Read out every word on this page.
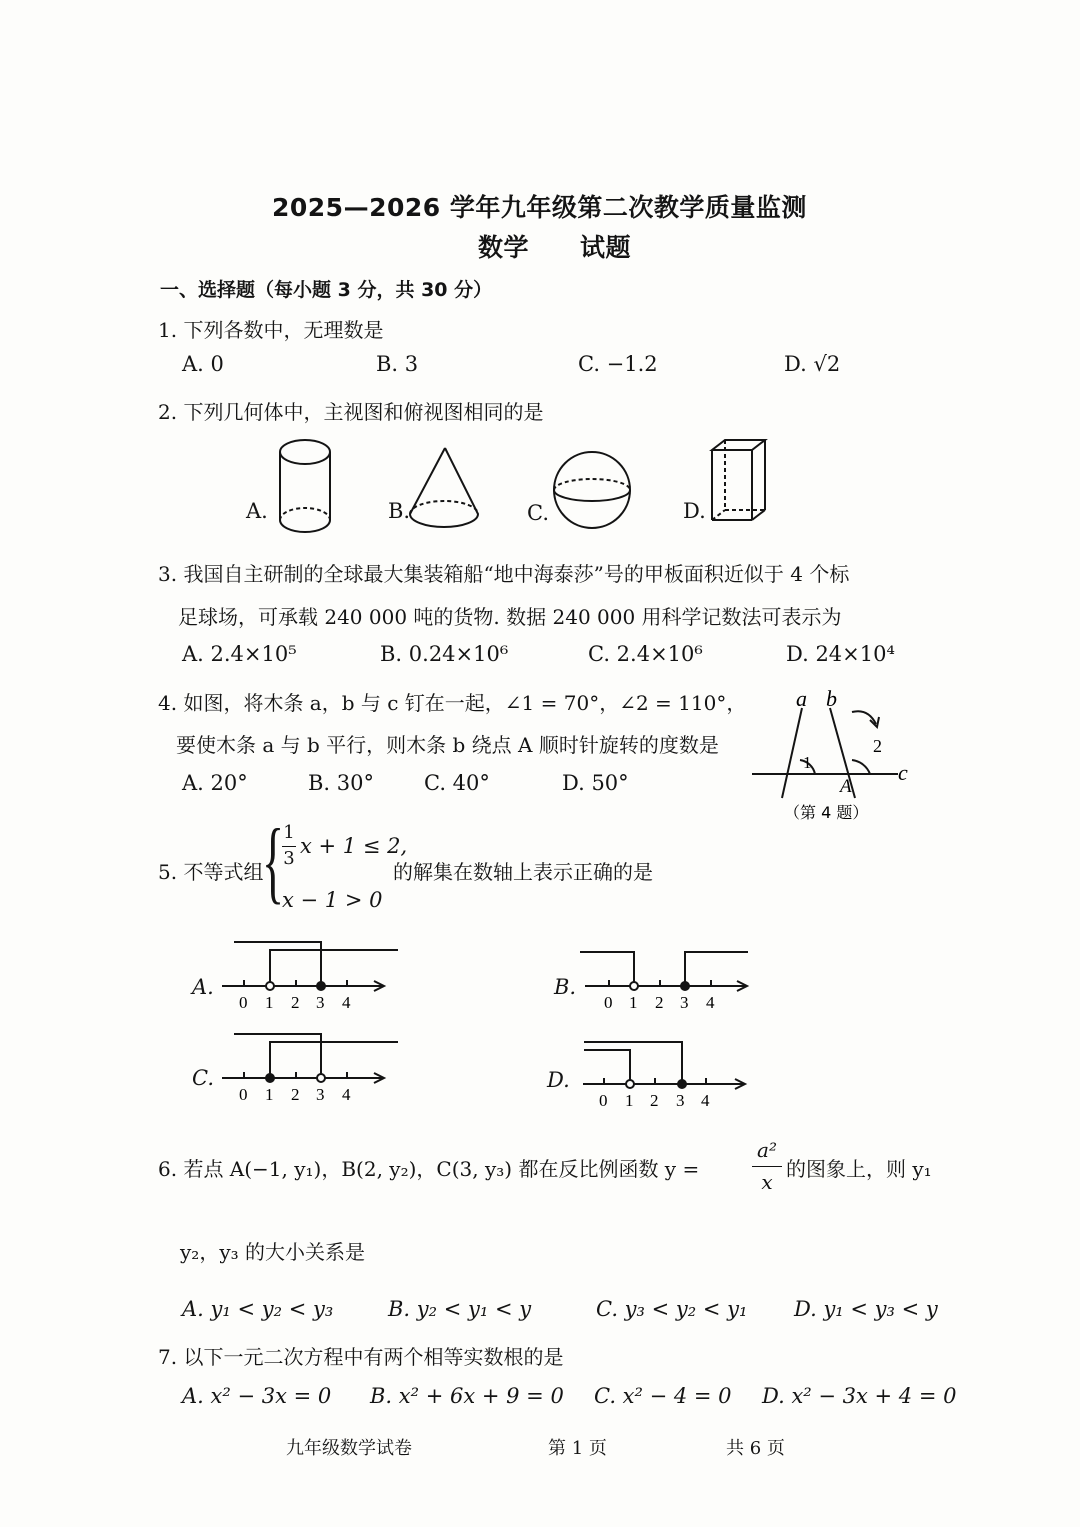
2025—2026 学年九年级第二次教学质量监测
数学　　试题
一、选择题（每小题 3 分，共 30 分）
1. 下列各数中，无理数是
A. 0	B. 3	C. −1.2	D. √2
2. 下列几何体中，主视图和俯视图相同的是
A.	B.	C.	D.
3. 我国自主研制的全球最大集装箱船“地中海泰莎”号的甲板面积近似于 4 个标
足球场，可承载 240 000 吨的货物. 数据 240 000 用科学记数法可表示为
A. 2.4×10⁵	B. 0.24×10⁶	C. 2.4×10⁶	D. 24×10⁴
4. 如图，将木条 a，b 与 c 钉在一起，∠1 = 70°，∠2 = 110°，
要使木条 a 与 b 平行，则木条 b 绕点 A 顺时针旋转的度数是
A. 20°	B. 30° C. 40°	D. 50°
a b
c
1
2
A
（第 4 题）
5. 不等式组
{ 1
3
x + 1 ≤ 2,
x − 1 > 0
的解集在数轴上表示正确的是
A.	B.
C.	D.
0 1 2 3 4	0 1 2 3 4
0 1 2 3 4	0 1 2 3 4
6. 若点 A(−1, y₁)，B(2, y₂)，C(3, y₃) 都在反比例函数 y =
a²
x
的图象上，则 y₁
y₂，y₃ 的大小关系是
A. y₁ < y₂ < y₃	B. y₂ < y₁ < y	C. y₃ < y₂ < y₁ D. y₁ < y₃ < y
7. 以下一元二次方程中有两个相等实数根的是
A. x² − 3x = 0 B. x² + 6x + 9 = 0 C. x² − 4 = 0 D. x² − 3x + 4 = 0
九年级数学试卷	第 1 页	共 6 页
